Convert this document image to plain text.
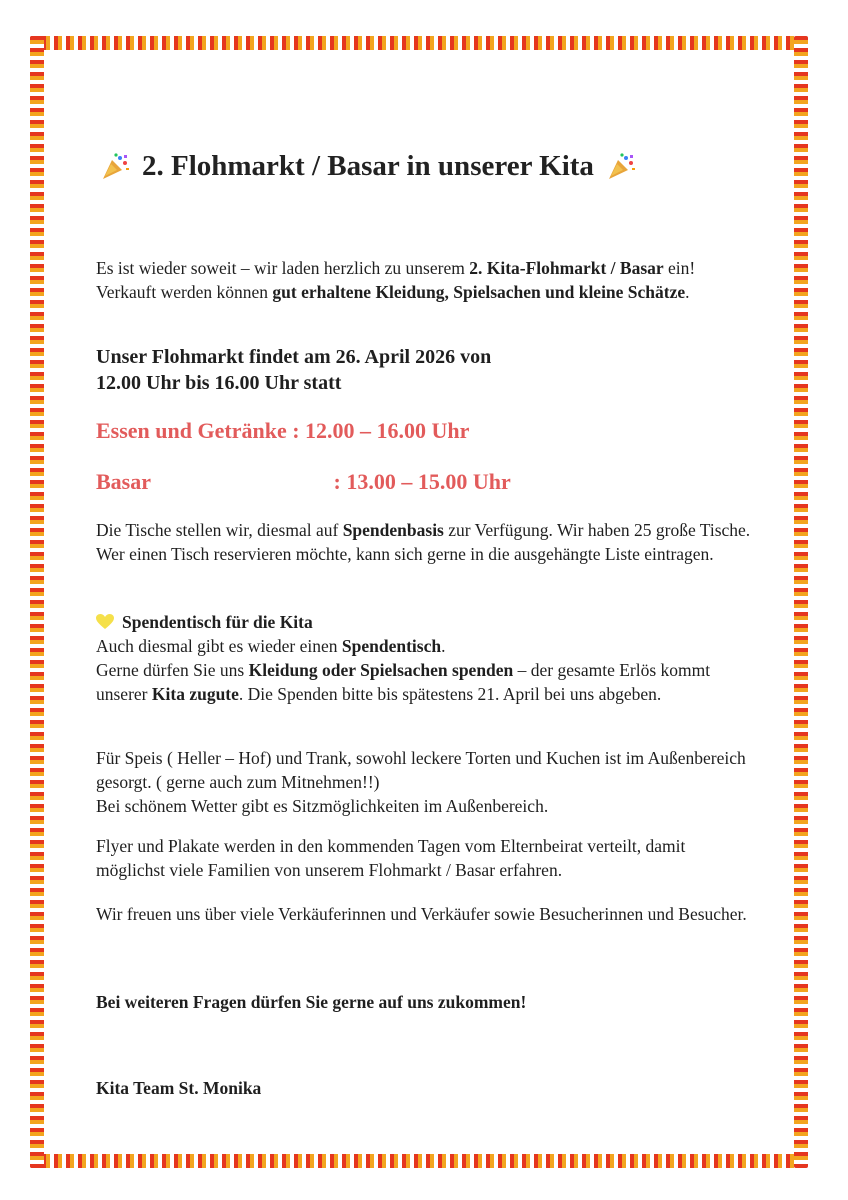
2. Flohmarkt / Basar in unserer Kita
Es ist wieder soweit – wir laden herzlich zu unserem 2. Kita-Flohmarkt / Basar ein! Verkauft werden können gut erhaltene Kleidung, Spielsachen und kleine Schätze.
Unser Flohmarkt findet am 26. April 2026 von
12.00 Uhr bis 16.00 Uhr statt
Essen und Getränke : 12.00 – 16.00 Uhr
Basar	: 13.00 – 15.00 Uhr
Die Tische stellen wir, diesmal auf Spendenbasis zur Verfügung. Wir haben 25 große Tische. Wer einen Tisch reservieren möchte, kann sich gerne in die ausgehängte Liste eintragen.
Spendentisch für die Kita
Auch diesmal gibt es wieder einen Spendentisch.
Gerne dürfen Sie uns Kleidung oder Spielsachen spenden – der gesamte Erlös kommt unserer Kita zugute. Die Spenden bitte bis spätestens 21. April bei uns abgeben.
Für Speis ( Heller – Hof) und Trank, sowohl leckere Torten und Kuchen ist im Außenbereich gesorgt. ( gerne auch zum Mitnehmen!!)
Bei schönem Wetter gibt es Sitzmöglichkeiten im Außenbereich.
Flyer und Plakate werden in den kommenden Tagen vom Elternbeirat verteilt, damit möglichst viele Familien von unserem Flohmarkt / Basar erfahren.
Wir freuen uns über viele Verkäuferinnen und Verkäufer sowie Besucherinnen und Besucher.
Bei weiteren Fragen dürfen Sie gerne auf uns zukommen!
Kita Team St. Monika
